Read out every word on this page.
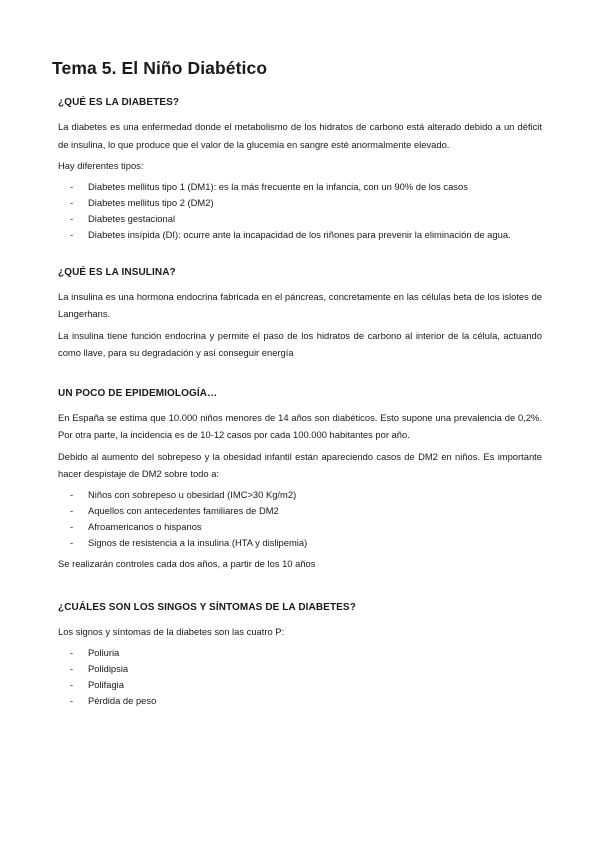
Tema 5. El Niño Diabético
¿QUÉ ES LA DIABETES?

La diabetes es una enfermedad donde el metabolismo de los hidratos de carbono está alterado debido a un déficit de insulina, lo que produce que el valor de la glucemia en sangre esté anormalmente elevado.

Hay diferentes tipos:

- Diabetes mellitus tipo 1 (DM1): es la más frecuente en la infancia, con un 90% de los casos
- Diabetes mellitus tipo 2 (DM2)
- Diabetes gestacional
- Diabetes insípida (DI): ocurre ante la incapacidad de los riñones para prevenir la eliminación de agua.
¿QUÉ ES LA INSULINA?

La insulina es una hormona endocrina fabricada en el páncreas, concretamente en las células beta de los islotes de Langerhans.

La insulina tiene función endocrina y permite el paso de los hidratos de carbono al interior de la célula, actuando como llave, para su degradación y así conseguir energía

UN POCO DE EPIDEMIOLOGÍA…

En España se estima que 10.000 niños menores de 14 años son diabéticos. Esto supone una prevalencia de 0,2%. Por otra parte, la incidencia es de 10-12 casos por cada 100.000 habitantes por año.

Debido al aumento del sobrepeso y la obesidad infantil están apareciendo casos de DM2 en niños. Es importante hacer despistaje de DM2 sobre todo a:

- Niños con sobrepeso u obesidad (IMC>30 Kg/m2)
- Aquellos con antecedentes familiares de DM2
- Afroamericanos o hispanos
- Signos de resistencia a la insulina (HTA y dislipemia)

Se realizarán controles cada dos años, a partir de los 10 años

¿CUÁLES SON LOS SINGOS Y SÍNTOMAS DE LA DIABETES?

Los signos y síntomas de la diabetes son las cuatro P:

- Poliuria
- Polidipsia
- Polifagia
- Pérdida de peso
